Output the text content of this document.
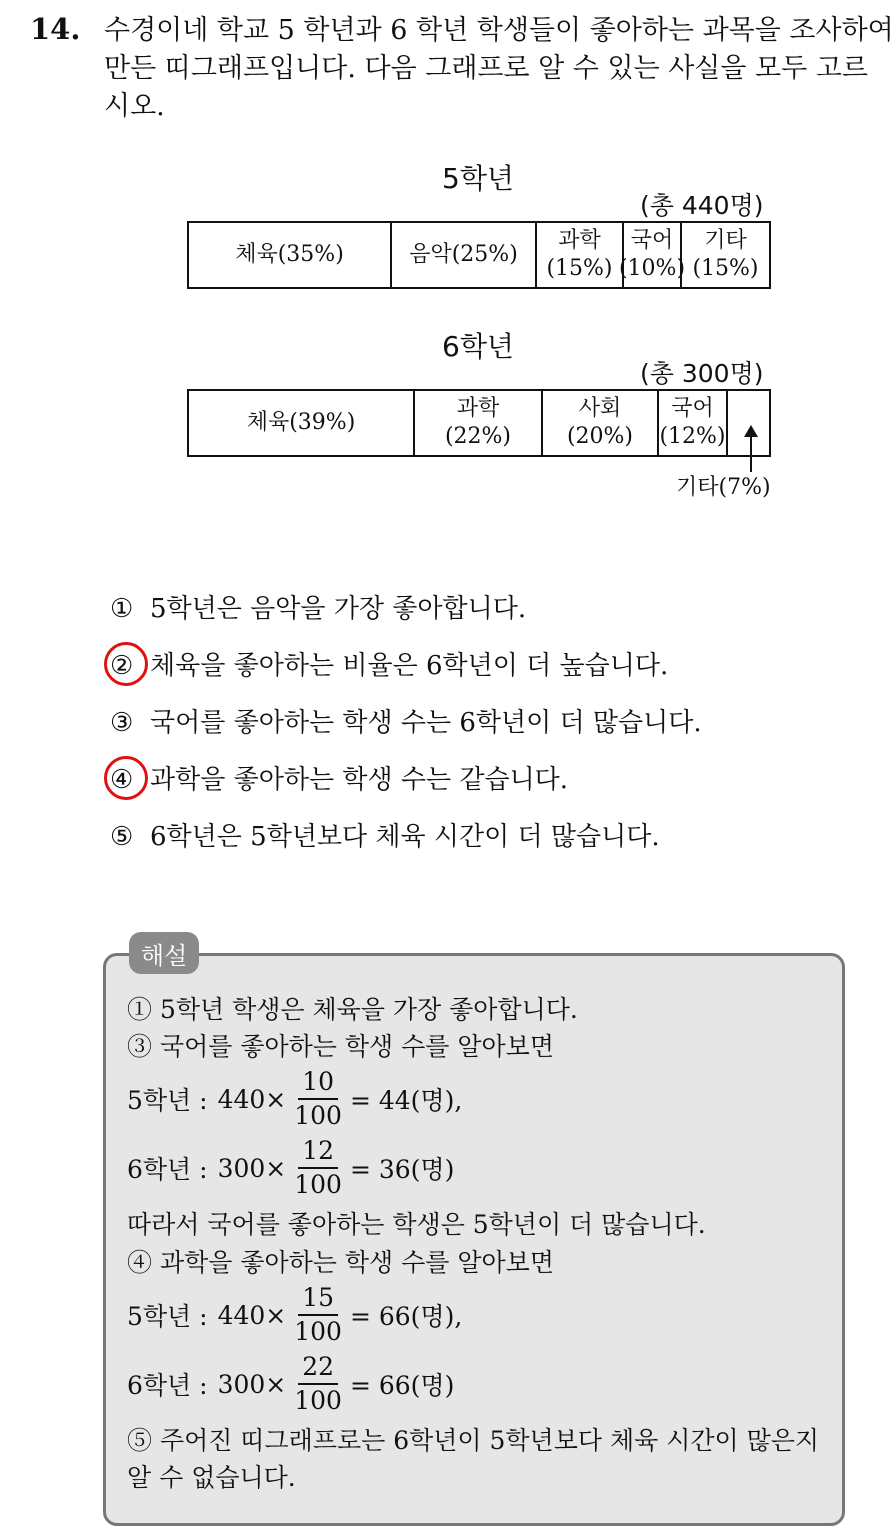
14. 수경이네 학교 5 학년과 6 학년 학생들이 좋아하는 과목을 조사하여
만든 띠그래프입니다. 다음 그래프로 알 수 있는 사실을 모두 고르
시오.
5학년
(총 440명)
체육(35%)	음악(25%)
과학
(15%)
국어
(10%)
기타
(15%)
6학년
(총 300명)
체육(39%)
과학
(22%)
사회
(20%)
국어
(12%)
기타(7%)
① 5학년은 음악을 가장 좋아합니다.
② 체육을 좋아하는 비율은 6학년이 더 높습니다.
③ 국어를 좋아하는 학생 수는 6학년이 더 많습니다.
④ 과학을 좋아하는 학생 수는 같습니다.
⑤ 6학년은 5학년보다 체육 시간이 더 많습니다.
해설
① 5학년 학생은 체육을 가장 좋아합니다.
③ 국어를 좋아하는 학생 수를 알아보면
5학년 : $440 \times \frac{10}{100} = 44$(명),
6학년 : $300 \times \frac{12}{100} = 36$(명)
따라서 국어를 좋아하는 학생은 5학년이 더 많습니다.
④ 과학을 좋아하는 학생 수를 알아보면
5학년 : $440 \times \frac{15}{100} = 66$(명),
6학년 : $300 \times \frac{22}{100} = 66$(명)
⑤ 주어진 띠그래프로는 6학년이 5학년보다 체육 시간이 많은지
알 수 없습니다.
